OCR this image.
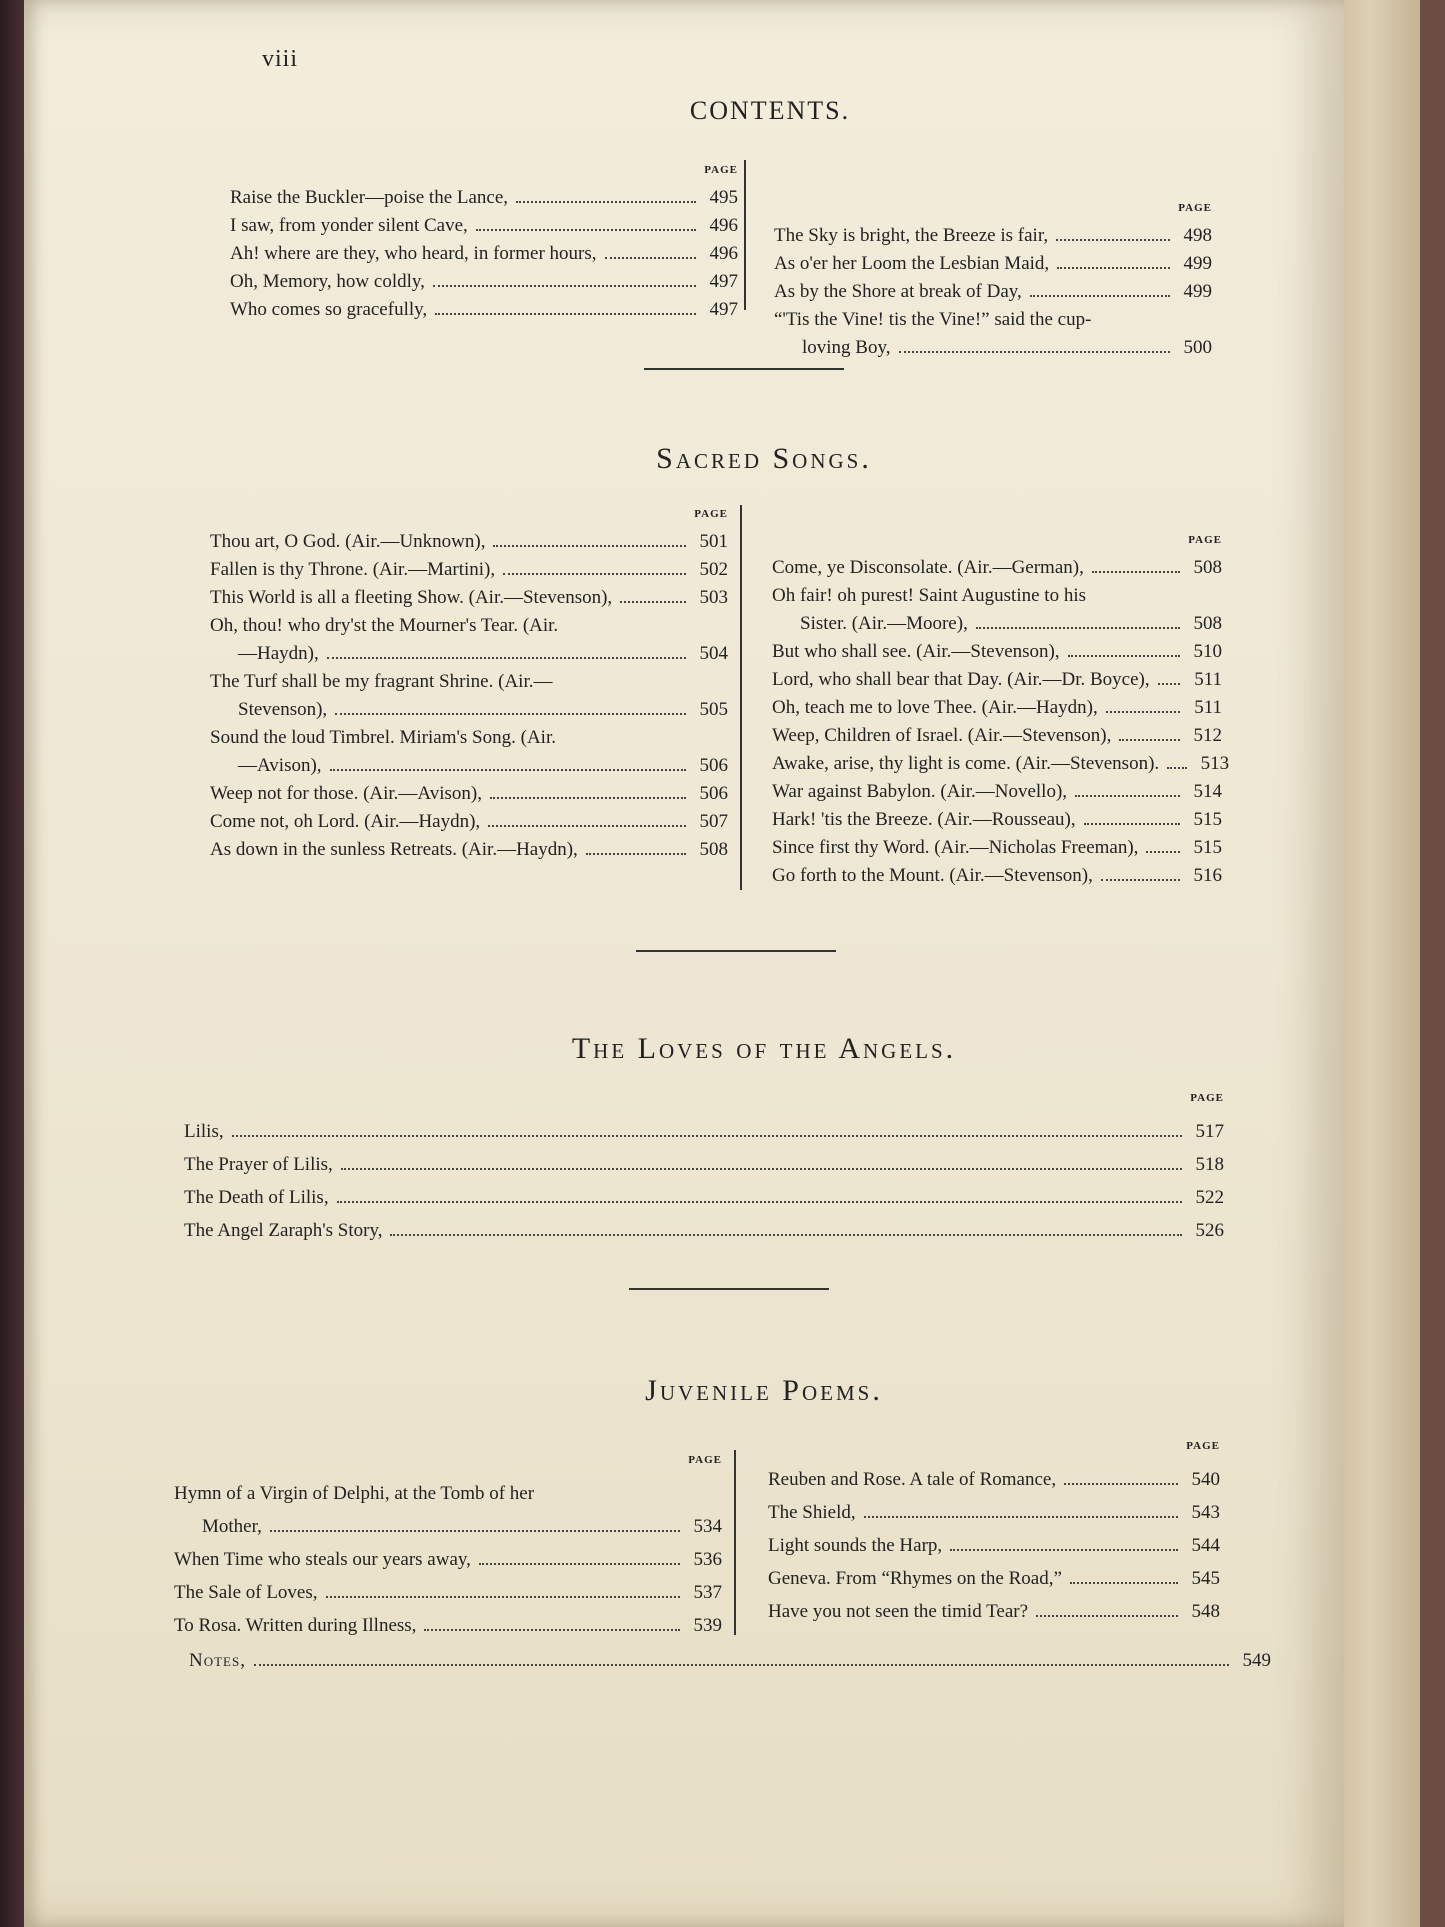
viii
CONTENTS.
PAGE
Raise the Buckler—poise the Lance,	495
I saw, from yonder silent Cave,	496
Ah! where are they, who heard, in former hours,	496
Oh, Memory, how coldly,	497
Who comes so gracefully,	497
PAGE
The Sky is bright, the Breeze is fair,	498
As o'er her Loom the Lesbian Maid,	499
As by the Shore at break of Day,	499
“'Tis the Vine! tis the Vine!” said the cup-
loving Boy,	500
Sacred Songs.
PAGE
Thou art, O God. (Air.—Unknown),	501
Fallen is thy Throne. (Air.—Martini),	502
This World is all a fleeting Show. (Air.—Stevenson),	503
Oh, thou! who dry'st the Mourner's Tear. (Air.
—Haydn),	504
The Turf shall be my fragrant Shrine. (Air.—
Stevenson),	505
Sound the loud Timbrel. Miriam's Song. (Air.
—Avison),	506
Weep not for those. (Air.—Avison),	506
Come not, oh Lord. (Air.—Haydn),	507
As down in the sunless Retreats. (Air.—Haydn),	508
PAGE
Come, ye Disconsolate. (Air.—German),	508
Oh fair! oh purest! Saint Augustine to his
Sister. (Air.—Moore),	508
But who shall see. (Air.—Stevenson),	510
Lord, who shall bear that Day. (Air.—Dr. Boyce),	511
Oh, teach me to love Thee. (Air.—Haydn),	511
Weep, Children of Israel. (Air.—Stevenson),	512
Awake, arise, thy light is come. (Air.—Stevenson). 513
War against Babylon. (Air.—Novello),	514
Hark! 'tis the Breeze. (Air.—Rousseau),	515
Since first thy Word. (Air.—Nicholas Freeman),	515
Go forth to the Mount. (Air.—Stevenson),	516
The Loves of the Angels.
PAGE
Lilis,	517
The Prayer of Lilis,	518
The Death of Lilis,	522
The Angel Zaraph's Story,	526
Juvenile Poems.
PAGE
Hymn of a Virgin of Delphi, at the Tomb of her
Mother,	534
When Time who steals our years away,	536
The Sale of Loves,	537
To Rosa. Written during Illness,	539
PAGE
Reuben and Rose. A tale of Romance,	540
The Shield,	543
Light sounds the Harp,	544
Geneva. From “Rhymes on the Road,”	545
Have you not seen the timid Tear?	548
Notes,	549
